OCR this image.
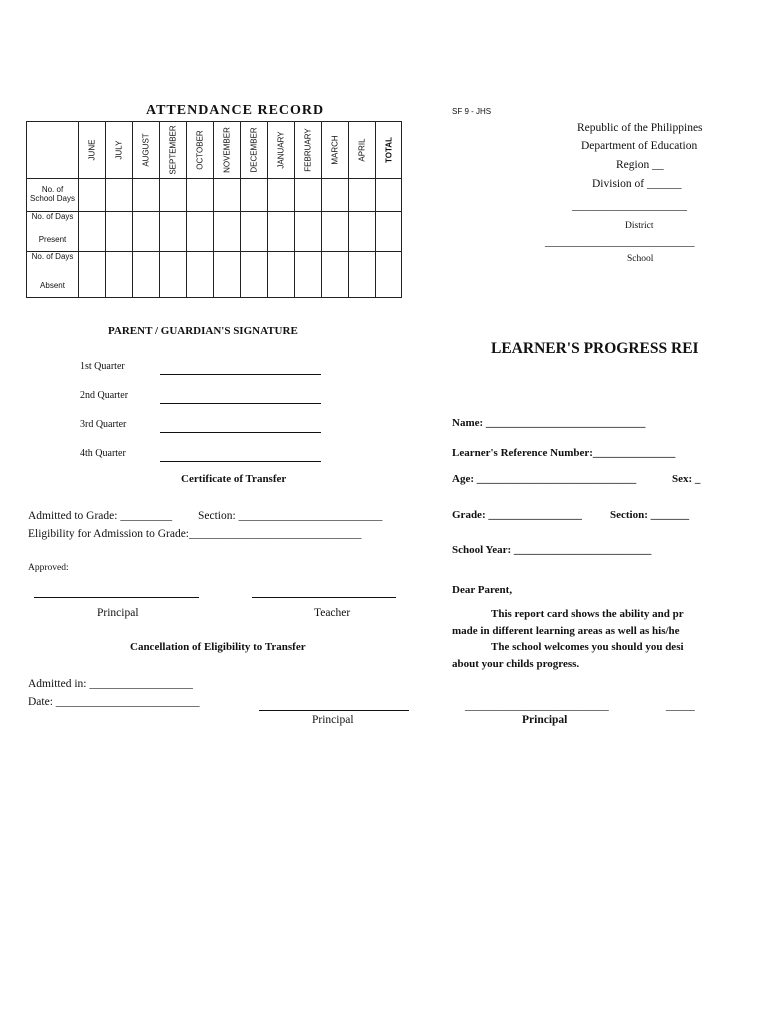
ATTENDANCE RECORD

	JUNE	JULY	AUGUST	SEPTEMBER	OCTOBER	NOVEMBER	DECEMBER	JANUARY	FEBRUARY	MARCH	APRIL	TOTAL

No. of
School Days												

No. of Days
Present												

No. of Days
Absent												

PARENT / GUARDIAN'S SIGNATURE
1st Quarter
2nd Quarter
3rd Quarter
4th Quarter
Certificate of Transfer
Admitted to Grade: _________ Section: _________________________
Eligibility for Admission to Grade:______________________________
Approved:
Principal	Teacher
Cancellation of Eligibility to Transfer
Admitted in: __________________
Date: _________________________
Principal
SF 9 - JHS
Republic of the Philippines
Department of Education
Region __
Division of ______
____________________
District
__________________________
School
LEARNER'S PROGRESS REI
Name: _____________________________
Learner's Reference Number:_______________
Age: _____________________________	Sex: _
Grade: _________________	Section: _______
School Year: _________________________
Dear Parent,
This report card shows the ability and pr
made in different learning areas as well as his/he
The school welcomes you should you desi
about your childs progress.
_________________________	_____
Principal
